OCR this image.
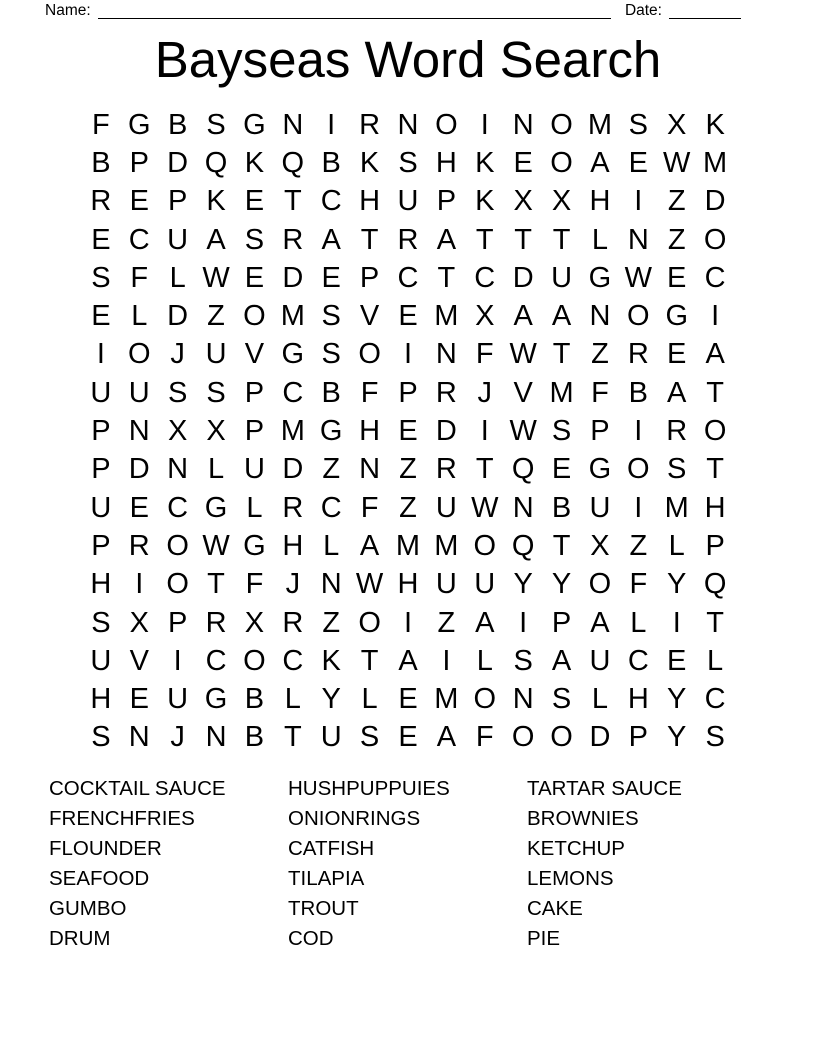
Name:	Date:
Bayseas Word Search
F G B S G N I R N O I N O M S X K
B P D Q K Q B K S H K E O A E W M
R E P K E T C H U P K X X H I Z D
E C U A S R A T R A T T T L N Z O
S F L W E D E P C T C D U G W E C
E L D Z O M S V E M X A A N O G I
I O J U V G S O I N F W T Z R E A
U U S S P C B F P R J V M F B A T
P N X X P M G H E D I W S P I R O
P D N L U D Z N Z R T Q E G O S T
U E C G L R C F Z U W N B U I M H
P R O W G H L A M M O Q T X Z L P
H I O T F J N W H U U Y Y O F Y Q
S X P R X R Z O I Z A I P A L I T
U V I C O C K T A I L S A U C E L
H E U G B L Y L E M O N S L H Y C
S N J N B T U S E A F O O D P Y S
COCKTAIL SAUCE
FRENCHFRIES
FLOUNDER
SEAFOOD
GUMBO
DRUM
HUSHPUPPUIES
ONIONRINGS
CATFISH
TILAPIA
TROUT
COD
TARTAR SAUCE
BROWNIES
KETCHUP
LEMONS
CAKE
PIE
